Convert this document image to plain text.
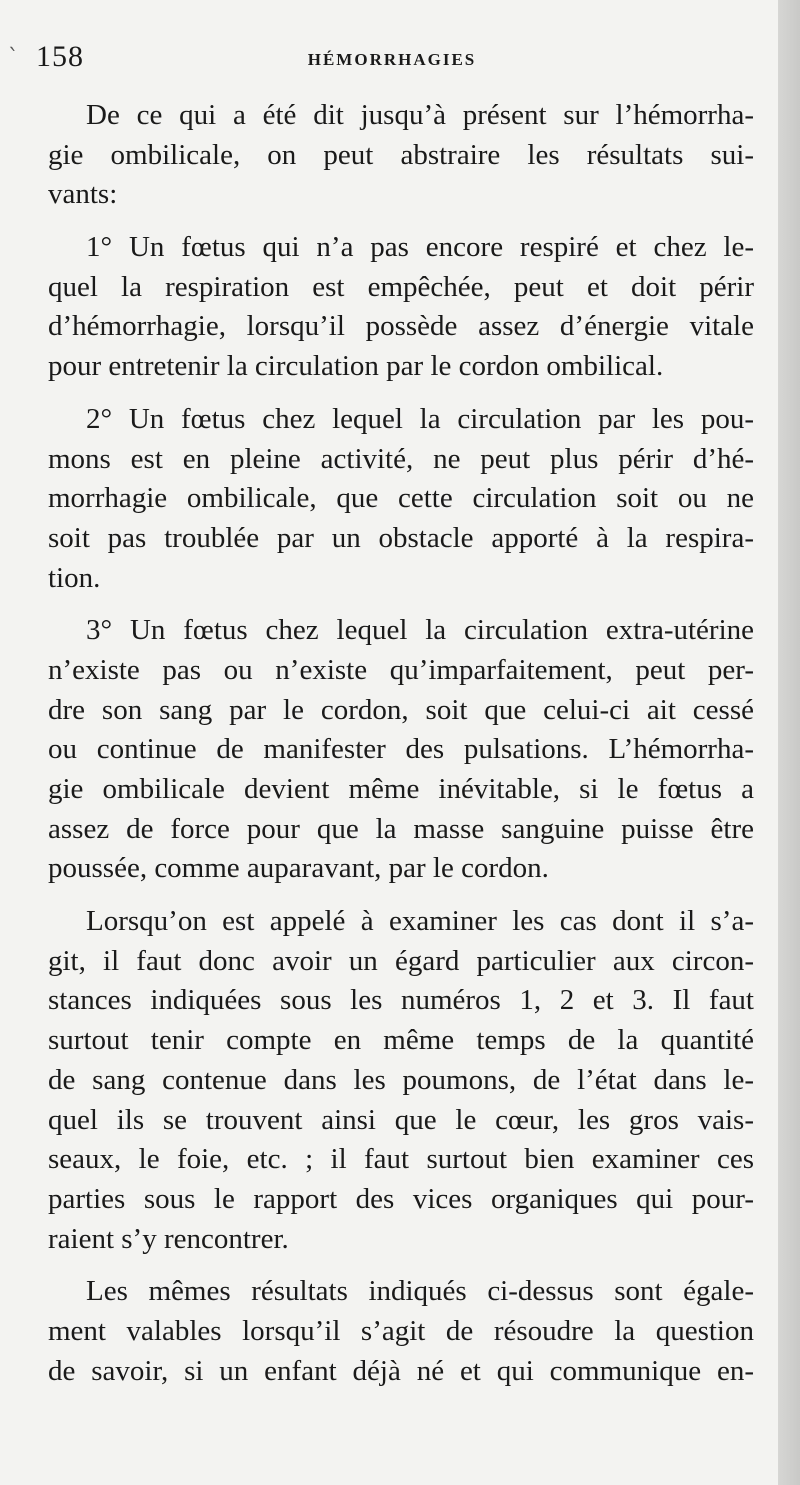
` 158	HÉMORRHAGIES
De ce qui a été dit jusqu’à présent sur l’hémorrha-
gie ombilicale, on peut abstraire les résultats sui-
vants:
1° Un fœtus qui n’a pas encore respiré et chez le-
quel la respiration est empêchée, peut et doit périr
d’hémorrhagie, lorsqu’il possède assez d’énergie vitale
pour entretenir la circulation par le cordon ombilical.
2° Un fœtus chez lequel la circulation par les pou-
mons est en pleine activité, ne peut plus périr d’hé-
morrhagie ombilicale, que cette circulation soit ou ne
soit pas troublée par un obstacle apporté à la respira-
tion.
3° Un fœtus chez lequel la circulation extra-utérine
n’existe pas ou n’existe qu’imparfaitement, peut per-
dre son sang par le cordon, soit que celui-ci ait cessé
ou continue de manifester des pulsations. L’hémorrha-
gie ombilicale devient même inévitable, si le fœtus a
assez de force pour que la masse sanguine puisse être
poussée, comme auparavant, par le cordon.
Lorsqu’on est appelé à examiner les cas dont il s’a-
git, il faut donc avoir un égard particulier aux circon-
stances indiquées sous les numéros 1, 2 et 3. Il faut
surtout tenir compte en même temps de la quantité
de sang contenue dans les poumons, de l’état dans le-
quel ils se trouvent ainsi que le cœur, les gros vais-
seaux, le foie, etc. ; il faut surtout bien examiner ces
parties sous le rapport des vices organiques qui pour-
raient s’y rencontrer.
Les mêmes résultats indiqués ci-dessus sont égale-
ment valables lorsqu’il s’agit de résoudre la question
de savoir, si un enfant déjà né et qui communique en-
